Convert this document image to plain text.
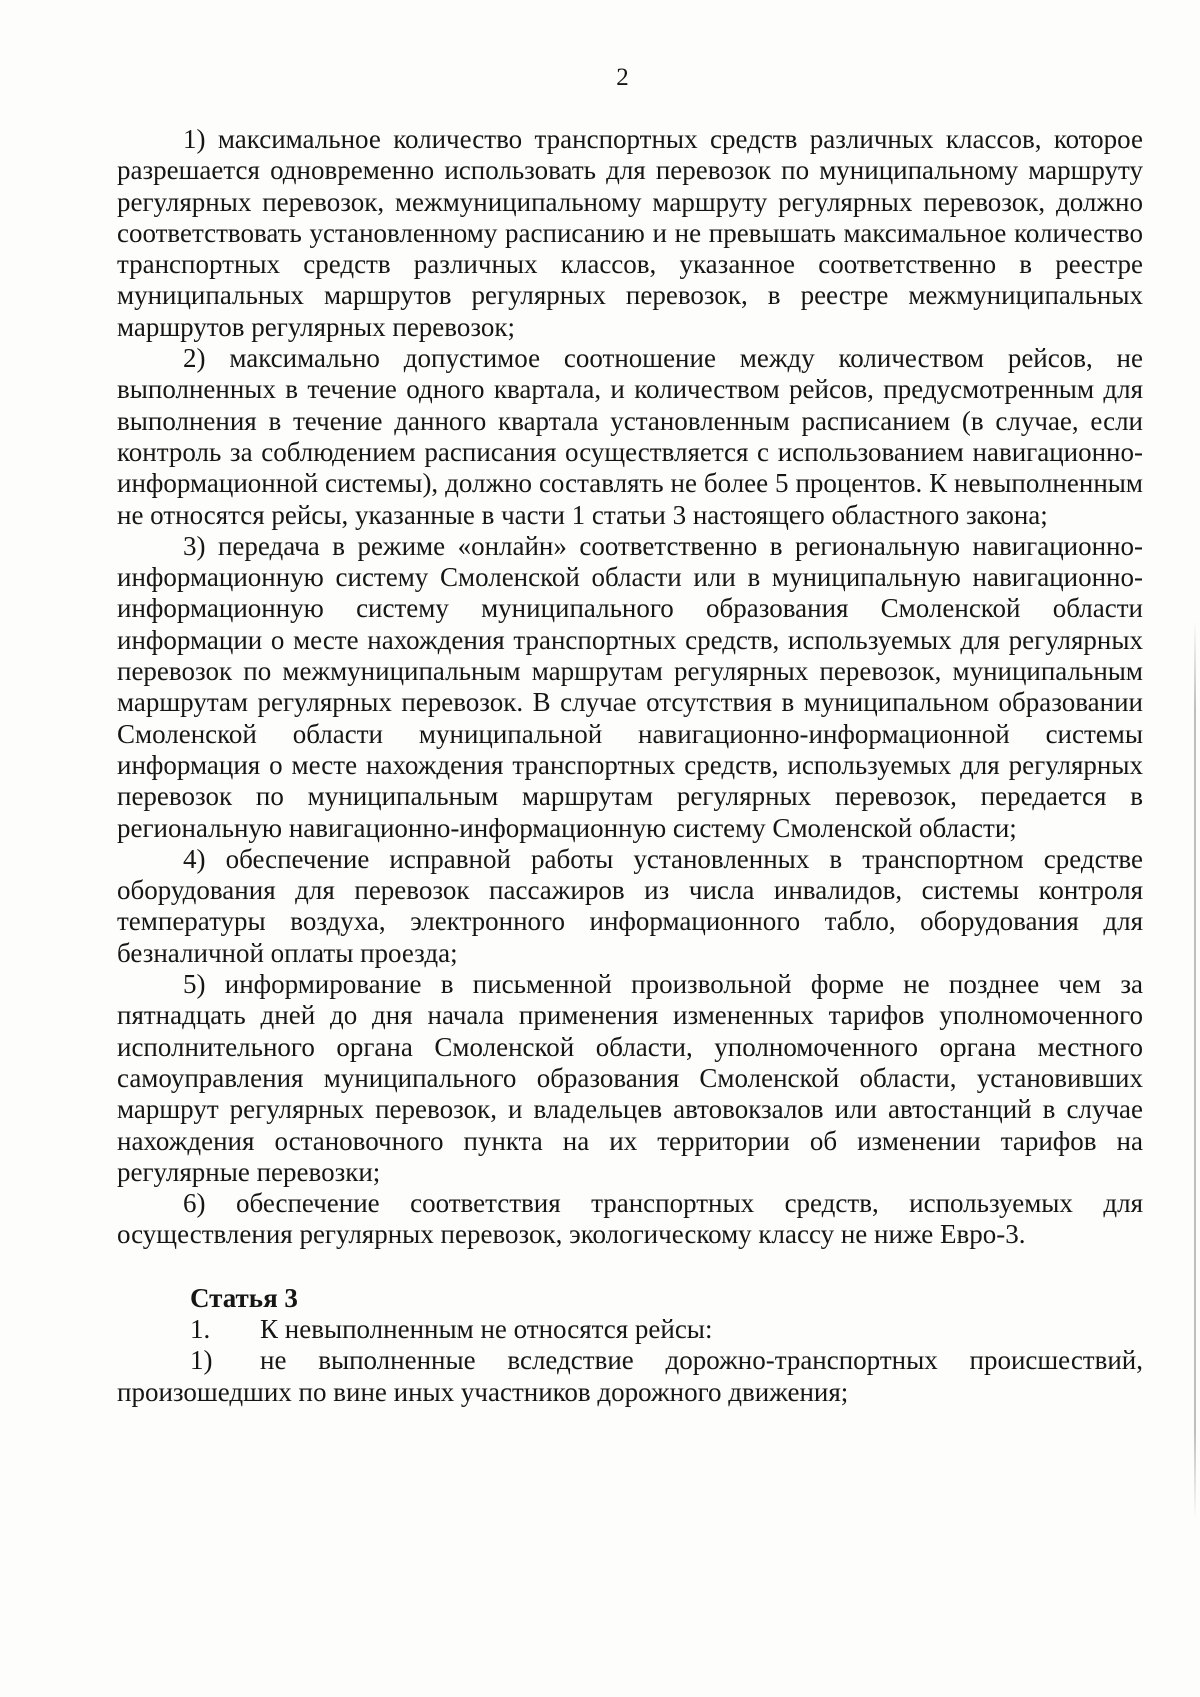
2

1) максимальное количество транспортных средств различных классов, которое разрешается одновременно использовать для перевозок по муниципальному маршруту регулярных перевозок, межмуниципальному маршруту регулярных перевозок, должно соответствовать установленному расписанию и не превышать максимальное количество транспортных средств различных классов, указанное соответственно в реестре муниципальных маршрутов регулярных перевозок, в реестре межмуниципальных маршрутов регулярных перевозок;

2) максимально допустимое соотношение между количеством рейсов, не выполненных в течение одного квартала, и количеством рейсов, предусмотренным для выполнения в течение данного квартала установленным расписанием (в случае, если контроль за соблюдением расписания осуществляется с использованием навигационно-информационной системы), должно составлять не более 5 процентов. К невыполненным не относятся рейсы, указанные в части 1 статьи 3 настоящего областного закона;

3) передача в режиме «онлайн» соответственно в региональную навигационно-информационную систему Смоленской области или в муниципальную навигационно-информационную систему муниципального образования Смоленской области информации о месте нахождения транспортных средств, используемых для регулярных перевозок по межмуниципальным маршрутам регулярных перевозок, муниципальным маршрутам регулярных перевозок. В случае отсутствия в муниципальном образовании Смоленской области муниципальной навигационно-информационной системы информация о месте нахождения транспортных средств, используемых для регулярных перевозок по муниципальным маршрутам регулярных перевозок, передается в региональную навигационно-информационную систему Смоленской области;

4) обеспечение исправной работы установленных в транспортном средстве оборудования для перевозок пассажиров из числа инвалидов, системы контроля температуры воздуха, электронного информационного табло, оборудования для безналичной оплаты проезда;

5) информирование в письменной произвольной форме не позднее чем за пятнадцать дней до дня начала применения измененных тарифов уполномоченного исполнительного органа Смоленской области, уполномоченного органа местного самоуправления муниципального образования Смоленской области, установивших маршрут регулярных перевозок, и владельцев автовокзалов или автостанций в случае нахождения остановочного пункта на их территории об изменении тарифов на регулярные перевозки;

6) обеспечение соответствия транспортных средств, используемых для осуществления регулярных перевозок, экологическому классу не ниже Евро-3.

Статья 3

1. К невыполненным не относятся рейсы:

1) не выполненные вследствие дорожно-транспортных происшествий, произошедших по вине иных участников дорожного движения;
